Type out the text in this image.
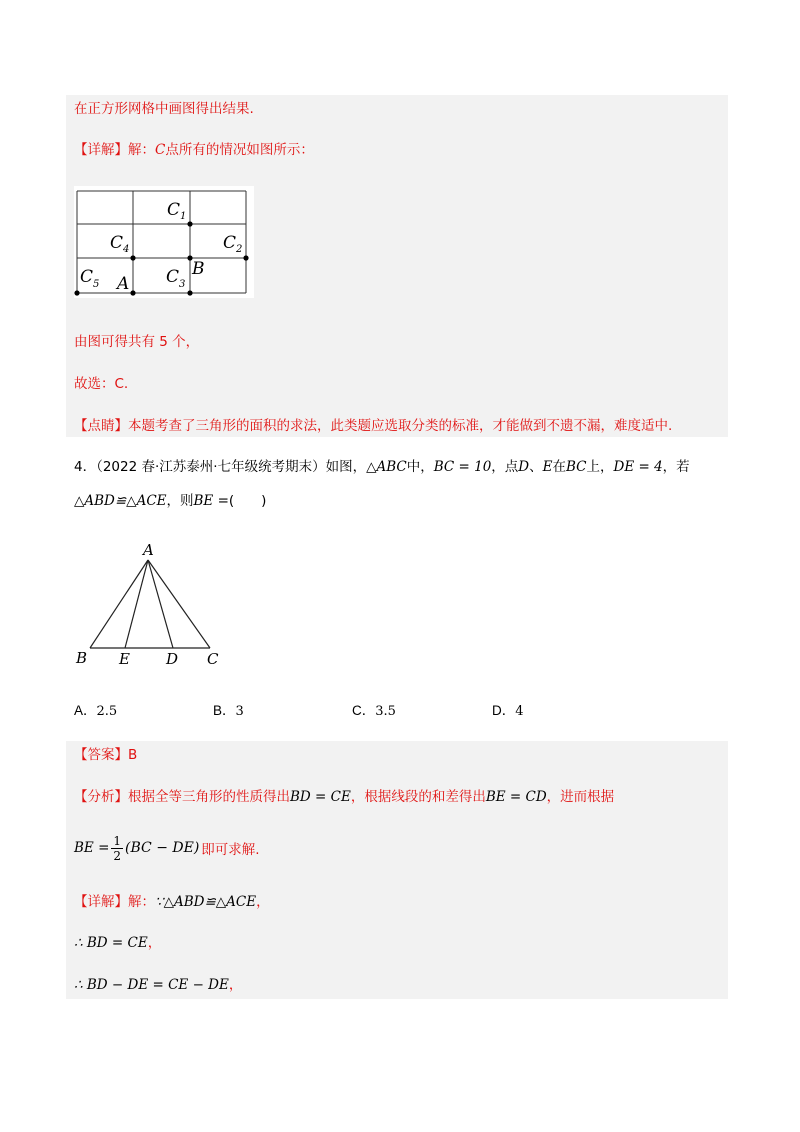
在正方形网格中画图得出结果.
【详解】解：C点所有的情况如图所示：
C 1
C 4	C 2
B
C 3
C 5 A
由图可得共有 5 个，
故选：C.
【点睛】本题考查了三角形的面积的求法，此类题应选取分类的标准，才能做到不遗不漏，难度适中.
4．（2022 春·江苏泰州·七年级统考期末）如图，△ABC中，BC = 10，点D、E在BC上，DE = 4，若
△ABD≌△ACE，则BE =(　　)
A
B E D C
A．2.5	B．3	C．3.5	D．4
【答案】B
【分析】根据全等三角形的性质得出BD = CE，根据线段的和差得出BE = CD，进而根据
BE = $\frac{1}{2} (BC - DE)$ 即可求解.
【详解】解：∵△ABD≌△ACE，
∴ BD = CE，
∴ BD − DE = CE − DE，
